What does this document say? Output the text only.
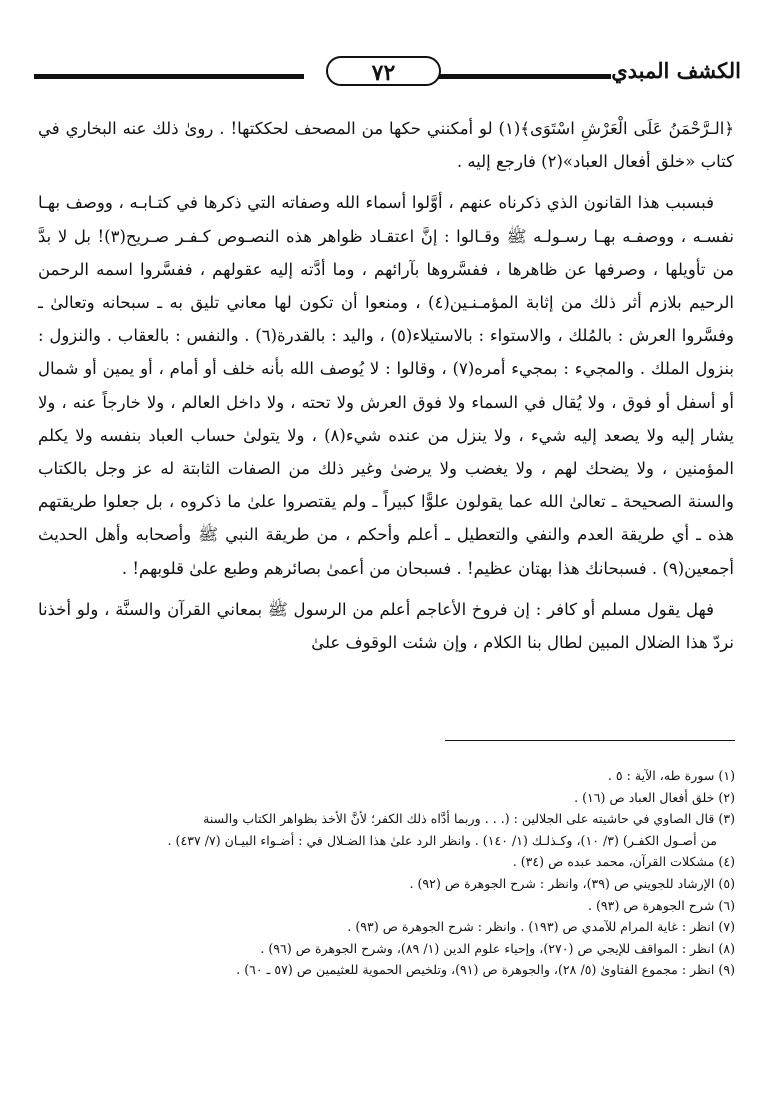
الكشف المبدي
٧٢

﴿الـرَّحْمَنُ عَلَى الْعَرْشِ اسْتَوَى﴾(١) لو أمكنني حكها من المصحف لحككتها! . روىٰ ذلك عنه البخاري في كتاب «خلق أفعال العباد»(٢) فارجع إليه .

فبسبب هذا القانون الذي ذكرناه عنهم ، أوَّلوا أسماء الله وصفاته التي ذكرها في كتـابـه ، ووصف بهـا نفسـه ، ووصفـه بهـا رسـولـه ﷺ وقـالوا : إنَّ اعتقـاد ظواهر هذه النصـوص كـفـر صـريح(٣)! بل لا بدَّ من تأويلها ، وصرفها عن ظاهرها ، ففسَّروها بآرائهم ، وما أدَّته إليه عقولهم ، ففسَّروا اسمه الرحمن الرحيم بلازم أثر ذلك من إثابة المؤمـنـين(٤) ، ومنعوا أن تكون لها معاني تليق به ـ سبحانه وتعالىٰ ـ وفسَّروا العرش : بالمُلك ، والاستواء : بالاستيلاء(٥) ، واليد : بالقدرة(٦) . والنفس : بالعقاب . والنزول : بنزول الملك . والمجيء : بمجيء أمره(٧) ، وقالوا : لا يُوصف الله بأنه خلف أو أمام ، أو يمين أو شمال أو أسفل أو فوق ، ولا يُقال في السماء ولا فوق العرش ولا تحته ، ولا داخل العالم ، ولا خارجاً عنه ، ولا يشار إليه ولا يصعد إليه شيء ، ولا ينزل من عنده شيء(٨) ، ولا يتولىٰ حساب العباد بنفسه ولا يكلم المؤمنين ، ولا يضحك لهم ، ولا يغضب ولا يرضىٰ وغير ذلك من الصفات الثابتة له عز وجل بالكتاب والسنة الصحيحة ـ تعالىٰ الله عما يقولون علوًّا كبيراً ـ ولم يقتصروا علىٰ ما ذكروه ، بل جعلوا طريقتهم هذه ـ أي طريقة العدم والنفي والتعطيل ـ أعلم وأحكم ، من طريقة النبي ﷺ وأصحابه وأهل الحديث أجمعين(٩) . فسبحانك هذا بهتان عظيم! . فسبحان من أعمىٰ بصائرهم وطبع علىٰ قلوبهم! .

فهل يقول مسلم أو كافر : إن فروخ الأعاجم أعلم من الرسول ﷺ بمعاني القرآن والسنَّة ، ولو أخذنا نردّ هذا الضلال المبين لطال بنا الكلام ، وإن شئت الوقوف علىٰ

(١) سورة طه، الآية : ٥ .
(٢) خلق أفعال العباد ص (١٦) .
(٣) قال الصاوي في حاشيته على الجلالين : (. . . وربما أدَّاه ذلك الكفر؛ لأنَّ الأخذ بظواهر الكتاب والسنة
من أصـول الكفـر) (٣/ ١٠)، وكـذلـك (١/ ١٤٠) . وانظر الرد علىٰ هذا الضـلال في : أضـواء البيـان (٧/ ٤٣٧) .
(٤) مشكلات القرآن، محمد عبده ص (٣٤) .
(٥) الإرشاد للجويني ص (٣٩)، وانظر : شرح الجوهرة ص (٩٢) .
(٦) شرح الجوهرة ص (٩٣) .
(٧) انظر : غاية المرام للآمدي ص (١٩٣) . وانظر : شرح الجوهرة ص (٩٣) .
(٨) انظر : المواقف للإيجي ص (٢٧٠)، وإحياء علوم الدين (١/ ٨٩)، وشرح الجوهرة ص (٩٦) .
(٩) انظر : مجموع الفتاوىٰ (٥/ ٢٨)، والجوهرة ص (٩١)، وتلخيص الحموية للعثيمين ص (٥٧ ـ ٦٠) .
